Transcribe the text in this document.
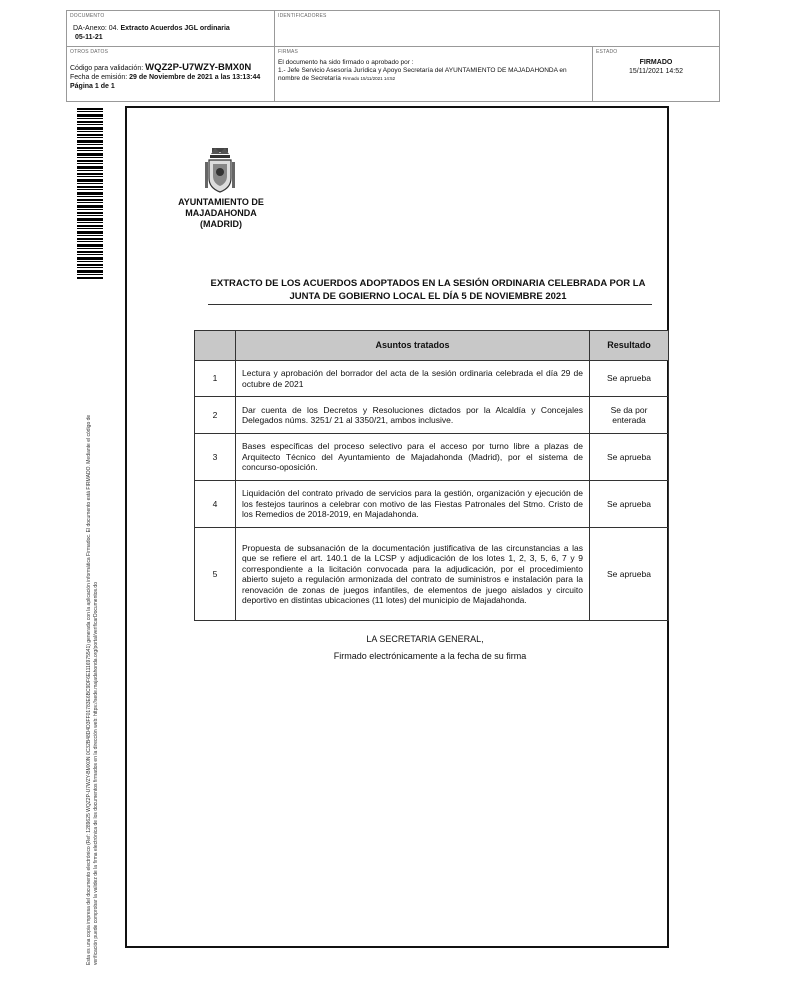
DOCUMENTO
DA-Anexo: 04. Extracto Acuerdos JGL ordinaria
05-11-21
IDENTIFICADORES
OTROS DATOS
Código para validación: WQZ2P-U7WZY-BMX0N
Fecha de emisión: 29 de Noviembre de 2021 a las 13:13:44
Página 1 de 1
FIRMAS
El documento ha sido firmado o aprobado por :
1.- Jefe Servicio Asesoría Jurídica y Apoyo Secretaría del AYUNTAMIENTO DE MAJADAHONDA en
nombre de Secretaría Firmado 15/11/2021 14:52
ESTADO
FIRMADO
15/11/2021 14:52
Esta es una copia impresa del documento electrónico (Ref: 1289625 WQZ2P-U7WZY-BMX0N 0C32B48D4D3FF01783E6BC9DF6E1116975541) generada con la aplicación informática Firmadoc. El documento está FIRMADO. Mediante el código de verificación puede comprobar la validez de la firma electrónica de los documentos firmados en la dirección web: https://sede.majadahonda.org/portal/verificarDocumentos.do
AYUNTAMIENTO DE
MAJADAHONDA
(MADRID)
EXTRACTO DE LOS ACUERDOS ADOPTADOS EN LA SESIÓN ORDINARIA CELEBRADA POR LA
JUNTA DE GOBIERNO LOCAL EL DÍA 5 DE NOVIEMBRE 2021
	Asuntos tratados	Resultado
1	Lectura y aprobación del borrador del acta de la sesión ordinaria celebrada el día 29 de octubre de 2021	Se aprueba
2	Dar cuenta de los Decretos y Resoluciones dictados por la Alcaldía y Concejales Delegados núms. 3251/ 21 al 3350/21, ambos inclusive.	Se da por enterada
3	Bases específicas del proceso selectivo para el acceso por turno libre a plazas de Arquitecto Técnico del Ayuntamiento de Majadahonda (Madrid), por el sistema de concurso-oposición.	Se aprueba
4	Liquidación del contrato privado de servicios para la gestión, organización y ejecución de los festejos taurinos a celebrar con motivo de las Fiestas Patronales del Stmo. Cristo de los Remedios de 2018-2019, en Majadahonda.	Se aprueba
5	Propuesta de subsanación de la documentación justificativa de las circunstancias a las que se refiere el art. 140.1 de la LCSP y adjudicación de los lotes 1, 2, 3, 5, 6, 7 y 9 correspondiente a la licitación convocada para la adjudicación, por el procedimiento abierto sujeto a regulación armonizada del contrato de suministros e instalación para la renovación de zonas de juegos infantiles, de elementos de juego aislados y circuito deportivo en distintas ubicaciones (11 lotes) del municipio de Majadahonda.	Se aprueba
LA SECRETARIA GENERAL,
Firmado electrónicamente a la fecha de su firma
